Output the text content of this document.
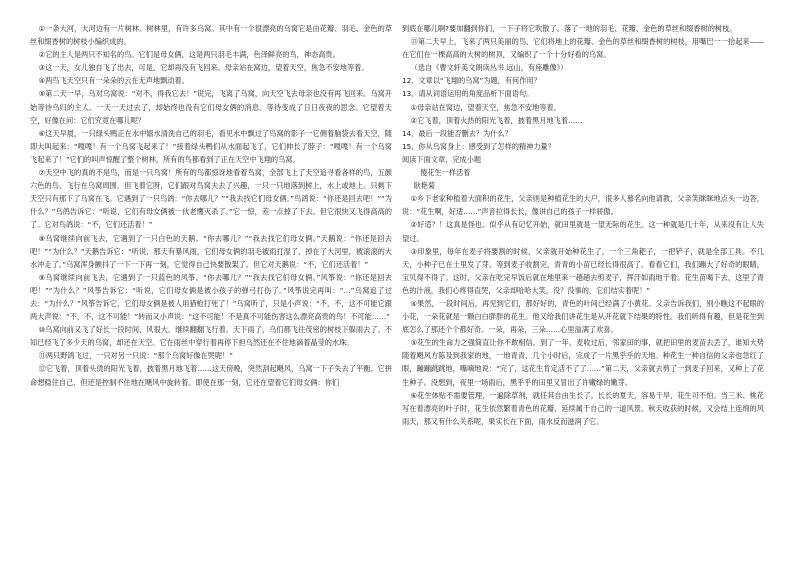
①一条大河，大河边有一片树林。树林里，有许多乌窝。其中有一个很漂亮的乌窝它是由花瓣、羽毛、金色的草丝和缀香树的树枝小编织成的。

②它的主人是两只不知名的鸟。它们是母女俩，这是两只羽毛丰满，色泽鲜亮的鸟，神态高贵。

③这一天，女儿独自飞了出去，可是，它却再没有飞回来。母亲站在窝边，望着天空，焦急不安地等着。

④两鸟飞天空只有一朵朵的云在无声地飘动着。

⑤第二天一早，乌对乌窝说：“对不，得我它去！”说完，飞离了乌窝，向天空飞去母亲也没有再飞回来。乌窝开始等待乌归的主人。一天一天过去了，却始终也没有它们母女俩的消息。等待变成了日日夜夜的思念。它望着天空，好像在问：它们究竟在哪儿呢？

⑥这天早晨，一只绿头鸭正在水中嬉水清洗自己的羽毛，看见水中飘过了鸟窝的影子一它侧着脑袋去看天空，随即大叫起来：“嘎嘎！有一个乌窝飞起来了！”接着绿头鸭们从水面起飞了，它们伸长了脖子：“嘎嘎！有一个乌窝飞起来了！”它们的叫声惊醒了整个树林，所有的鸟都看到了正在天空中飞翔的乌窝。

⑦天空中飞的真的不是鸟，而是一只乌窝！所有的鸟都惊讶地看着鸟窝，全部飞上了天空追寻看各样的鸟，五颜六色的鸟，飞行在乌窝周围，但飞着它呀，它们跟对鸟窝夫去了兴趣，一只一只地落到树上，水上或地上。只剩下天空只有那下了乌窝在飞。它遇到了一只鸟鸽：“你去哪儿？”“我去找它们母女俩。”鸟鸽说：“你还是回去吧！”“为什么？”乌鸽告诉它：“听说，它们有母女俩被一伙老鹰灭杀了。”它一惊，差一点掉了下去。但它很快又飞得高高的了。它对鸟鸽说：“不，它们还活着！”

⑧乌窝继续向前飞去，它遇到了一只白色的天鹅。“你去哪儿？”“我去找它们母女俩。”天鹅说：“你还是回去吧！”“为什么？”天鹅告诉它：“听说，那天有暴风雨，它们母女俩的羽毛被雨打湿了，掉在了大河里，被滚滚的大水冲走了。”乌窝浑身颤抖了一下一下再一刻，它觉得自己快要散架了。但它对天鹅说：“不，它们还活着！”

⑨乌窝继续向前飞去，它遇到了一只蓝色的风筝。“你去哪儿？”“我去找它们母女俩。”风筝说：“你还是回去吧！”“为什么？”风筝告诉它：“听说，它们母女俩是被小孩子的弹弓打伤了。”风筝说完再叫：“…”乌窝追了过去：“为什么？”风筝告诉它，它们母女俩是被人用猎枪打死了！”乌窝听了，只是小声说：“不，不，这不可能它跟两大声说：“不，不，这不可能！”转而又小声说：“这不可能！不是真不可能伤害这么漂亮高贵的鸟！不可能……”

⑩乌窝向前又飞了好长一段时间，风很大。继续翻翻飞行着。天下雨了，乌们都飞往茂密的树枝下躲雨去了。不知已经飞了多少天的乌窝，却还在天空。它在雨丝中穿行着再停下担乌然还在不住地滴着晶莹的水珠。

⑪两只野鸽飞过，一只对另一只说：“那个乌窝好像在哭呢！”

⑫它飞着，顶着头烫的阳光飞着，披着黑月地飞着……这天傍晚，突然刮起飓风，乌窝一下子失去了平衡。它拼命想稳住自己，但还是控制不住地在飓风中旋转着。即使在那一刻，它还在望着它们母女俩：你们

到底在哪儿啊?要加翻到你们，一下子将它吹散了。落了一地的羽毛、花瓣、金色的草丝和缀香树的树枝。

⑬第二天早上，飞来了两只美丽的鸟，它们将地上的花瓣、金色的草丝和缀香树的树枝，用嘴巴一一拾起来——在它们在一棵高高的大树的树顶，又编织了一个十分好看的乌窝。

（选自《曹文轩美文朗读丛书 远山，有座雕像》）

12、文章以“飞翔的乌窝”为题，有何作用？

13、请从词语运用的角度品析下面语句。

①母亲站在窝边，望着天空，焦急不安地等着。

②它飞着，顶着火热的阳光飞着，披着黑月地飞着……

14、最后一段能否删去？为什么？

15、你从乌窝身上：感受到了怎样的精神力量？

阅读下面文章，完成小题

傻花生一样活着

耿艳菊

①乡下老家种植着大面积的花生，父亲则是种植花生的大户，很多人慕名向他请教，父亲笑眯眯地点头一边答，说：“花生啊，好适……”声音拉得长长，像讲自己的孩子一样骄傲。

②好适？！这真是怪也。似乎从有记忆开始，就田里就是一望无际的花生。这一种就是几十年，从来没有让人失望过。

③印象里，每年在麦子将要割的时候，父亲就开始种花生了，一个三角耙子，一把铲子，就是全部工具。不几天，小种子已在土里发了芽。等到麦子收割完，青青的小苗已经长得很高了。看看它们，我们蹦大了好奇的眼睛，宝贝得不得了。这时，父亲在吃完早饭后就在地里来一趟趟去剪麦子，挥汗如雨地干着。花生苗喝下去，这里了青色的汁液，我们心疼得直哭，父亲却哈哈大笑，没？没事的，它们结实着呢！”

④果然，一段时间后，再见到它们，都好好的，青色的叶间已经满了小黄花。父亲告诉我们，别小瞧这不起眼的小花，一朵花就是一颗白白胖胖的花生。他又给我们讲花生是从开花就下结果的特性。我们听得有趣，但是花生到底怎么了那还个个都好奇。一朵，再朵，三朵……心里溢满了欢喜。

⑤花生的生命力之强简直让你不敢相信。到了一年，麦收过后，邻家田的事，就把田里的麦苗去丢了，谁知大势随着飓风方陈及到我家的地，一地青青，几个小时后，完成了一片黑乎乎的天地。种花生一种自信的父亲也急红了眼，蹦蹦跳跳地，嘴嘀地说：“完了，这花生肯定活不了了……”第二天，父亲就去剪了一到麦子回来，又种上了花生种子。没想到，夜里一场雨后，黑乎乎的田里又冒出了许嫩绿的嫩芽。

⑥花生体贴不需要管理，一遍除草剂，就任其自由生长了。长长的夏天，容易干旱，花生可不怕。当三米、桃花写在着漂亮的叶子时，花生依然繁着青色的花瓣，延续属于自己的一道风景。秋天收获的时候，又会结上连绵的风雨天，那又有什么关系呢，果实长在下面，雨水反而滋润了它。
